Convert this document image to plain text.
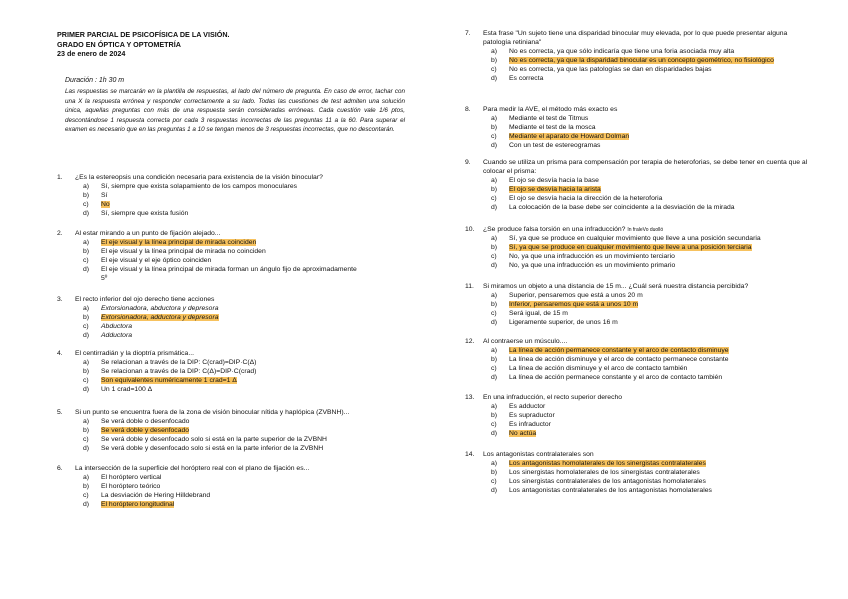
PRIMER PARCIAL DE PSICOFÍSICA DE LA VISIÓN.
GRADO EN ÓPTICA Y OPTOMETRÍA
23 de enero de 2024
Duración : 1h 30 m
Las respuestas se marcarán en la plantilla de respuestas, al lado del número de pregunta. En caso de error, tachar con una X la respuesta errónea y responder correctamente a su lado. Todas las cuestiones de test admiten una solución única, aquellas preguntas con más de una respuesta serán consideradas erróneas. Cada cuestión vale 1/6 ptos, descontándose 1 respuesta correcta por cada 3 respuestas incorrectas de las preguntas 11 a la 60. Para superar el examen es necesario que en las preguntas 1 a 10 se tengan menos de 3 respuestas incorrectas, que no descontarán.
1.	¿Es la estereopsis una condición necesaria para existencia de la visión binocular?
a)	Sí, siempre que exista solapamiento de los campos monoculares
b)	Sí
c)	No
d)	Sí, siempre que exista fusión
2.	Al estar mirando a un punto de fijación alejado...
a)	El eje visual y la línea principal de mirada coinciden
b)	El eje visual y la línea principal de mirada no coinciden
c)	El eje visual y el eje óptico coinciden
d)	El eje visual y la línea principal de mirada forman un ángulo fijo de aproximadamente 5º
3.	El recto inferior del ojo derecho tiene acciones
a)	Extorsionadora, abductora y depresora
b)	Extorsionadora, adductora y depresora
c)	Abductora
d)	Adductora
4.	El centirradián y la dioptría prismática...
a)	Se relacionan a través de la DIP: C(crad)=DIP·C(Δ)
b)	Se relacionan a través de la DIP: C(Δ)=DIP·C(crad)
c)	Son equivalentes numéricamente 1 crad=1 Δ
d)	Un 1 crad=100 Δ
5.	Si un punto se encuentra fuera de la zona de visión binocular nítida y haplópica (ZVBNH)...
a)	Se verá doble o desenfocado
b)	Se verá doble y desenfocado
c)	Se verá doble y desenfocado solo si está en la parte superior de la ZVBNH
d)	Se verá doble y desenfocado solo si está en la parte inferior de la ZVBNH
6.	La intersección de la superficie del horóptero real con el plano de fijación es...
a)	El horóptero vertical
b)	El horóptero teórico
c)	La desviación de Hering Hilldebrand
d)	El horóptero longitudinal
7.	Esta frase "Un sujeto tiene una disparidad binocular muy elevada, por lo que puede presentar alguna patología retiniana"
a)	No es correcta, ya que sólo indicaría que tiene una foria asociada muy alta
b)	No es correcta, ya que la disparidad binocular es un concepto geométrico, no fisiológico
c)	No es correcta, ya que las patologías se dan en disparidades bajas
d)	Es correcta
8.	Para medir la AVE, el método más exacto es
a)	Mediante el test de Titmus
b)	Mediante el test de la mosca
c)	Mediante el aparato de Howard Dolman
d)	Con un test de estereogramas
9.	Cuando se utiliza un prisma para compensación por terapia de heteroforias, se debe tener en cuenta que al colocar el prisma:
a)	El ojo se desvía hacia la base
b)	El ojo se desvía hacia la arista
c)	El ojo se desvía hacia la dirección de la heteroforia
d)	La colocación de la base debe ser coincidente a la desviación de la mirada
10.	¿Se produce falsa torsión en una infraducción? In fraleVo duolló
a)	Sí, ya que se produce en cualquier movimiento que lleve a una posición secundaria
b)	Sí, ya que se produce en cualquier movimiento que lleve a una posición terciaria
c)	No, ya que una infraducción es un movimiento terciario
d)	No, ya que una infraducción es un movimiento primario
11.	Si miramos un objeto a una distancia de 15 m... ¿Cuál será nuestra distancia percibida?
a)	Superior, pensaremos que está a unos 20 m
b)	Inferior, pensaremos que está a unos 10 m
c)	Será igual, de 15 m
d)	Ligeramente superior, de unos 16 m
12.	Al contraerse un músculo....
a)	La línea de acción permanece constante y el arco de contacto disminuye
b)	La línea de acción disminuye y el arco de contacto permanece constante
c)	La línea de acción disminuye y el arco de contacto también
d)	La línea de acción permanece constante y el arco de contacto también
13.	En una infraducción, el recto superior derecho
a)	Es adductor
b)	Es supraductor
c)	Es infraductor
d)	No actúa
14.	Los antagonistas contralaterales son
a)	Los antagonistas homolaterales de los sinergistas contralaterales
b)	Los sinergistas homolaterales de los sinergistas contralaterales
c)	Los sinergistas contralaterales de los antagonistas homolaterales
d)	Los antagonistas contralaterales de los antagonistas homolaterales
